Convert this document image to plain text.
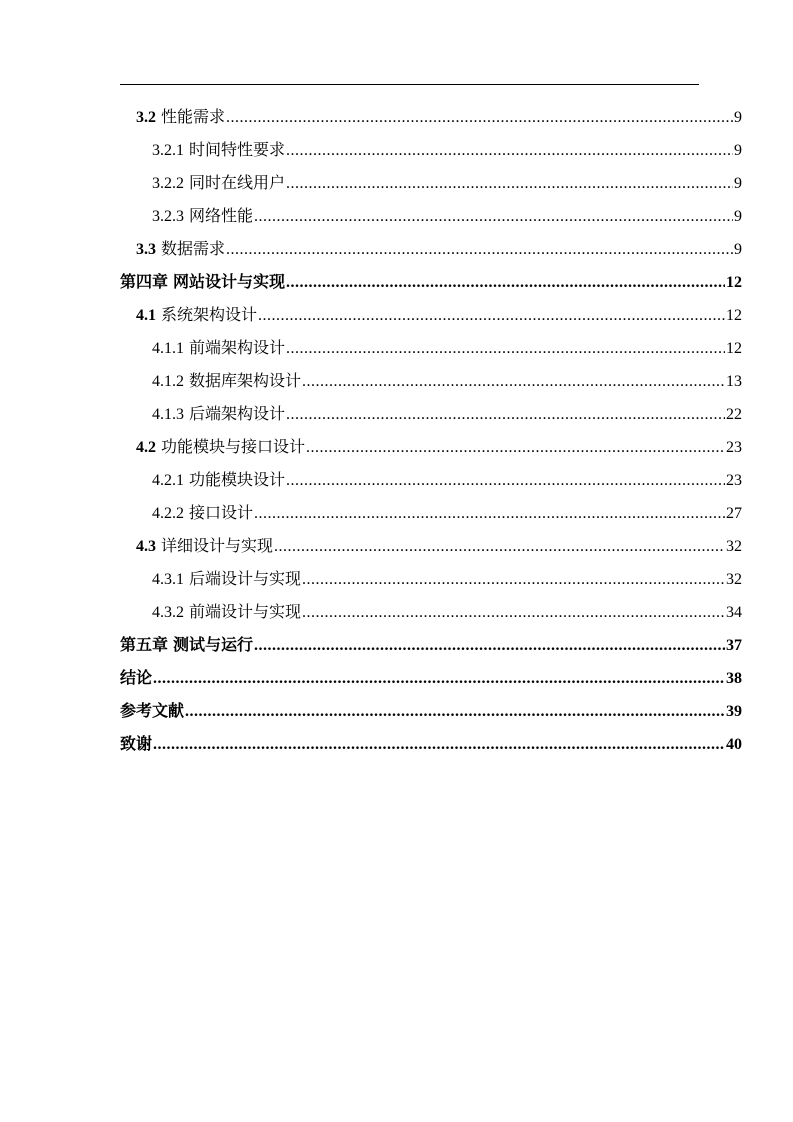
3.2 性能需求 .....	9
3.2.1 时间特性要求 .....	9
3.2.2 同时在线用户 .....	9
3.2.3 网络性能 .....	9
3.3 数据需求 .....	9
第四章 网站设计与实现 .....	12
4.1 系统架构设计 .....	12
4.1.1 前端架构设计 .....	12
4.1.2 数据库架构设计 .....	13
4.1.3 后端架构设计 .....	22
4.2 功能模块与接口设计 .....	23
4.2.1 功能模块设计 .....	23
4.2.2 接口设计 .....	27
4.3 详细设计与实现 .....	32
4.3.1 后端设计与实现 .....	32
4.3.2 前端设计与实现 .....	34
第五章 测试与运行 .....	37
结论 .....	38
参考文献 .....	39
致谢 .....	40
